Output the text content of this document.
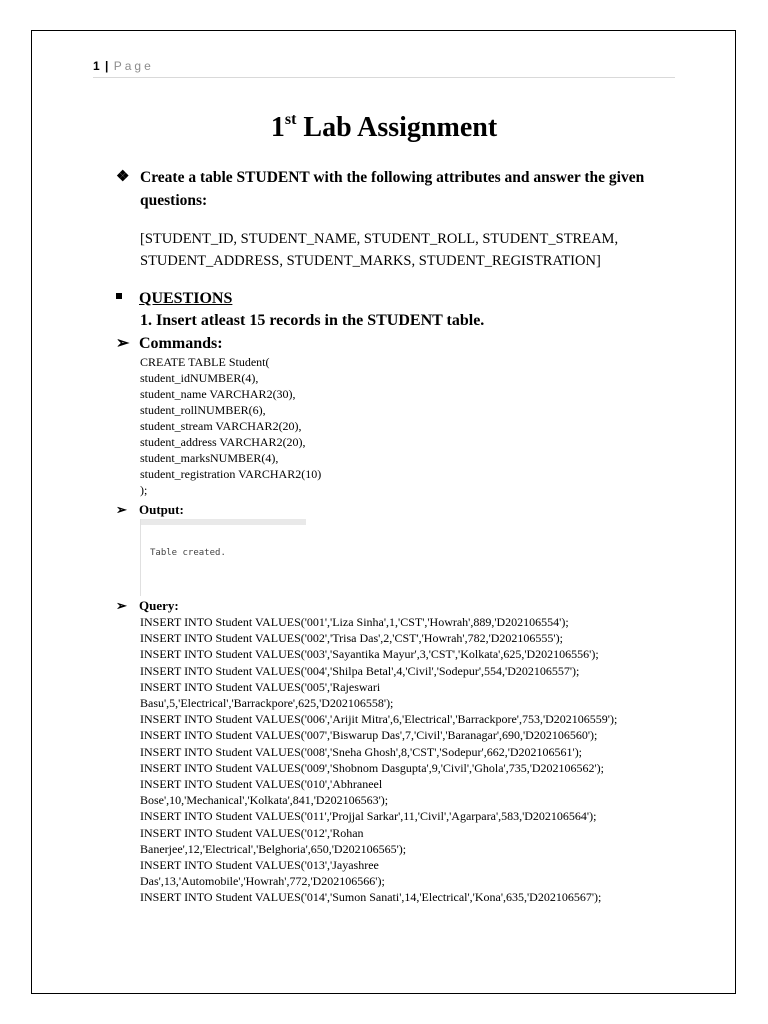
1 | Page
1st Lab Assignment
❖ Create a table STUDENT with the following attributes and answer the given questions:
[STUDENT_ID, STUDENT_NAME, STUDENT_ROLL, STUDENT_STREAM,
STUDENT_ADDRESS, STUDENT_MARKS, STUDENT_REGISTRATION]
QUESTIONS
1. Insert atleast 15 records in the STUDENT table.
➢ Commands:
CREATE TABLE Student(
student_idNUMBER(4),
student_name VARCHAR2(30),
student_rollNUMBER(6),
student_stream VARCHAR2(20),
student_address VARCHAR2(20),
student_marksNUMBER(4),
student_registration VARCHAR2(10)
);
➢ Output:
Table created.
➢ Query:
INSERT INTO Student VALUES('001','Liza Sinha',1,'CST','Howrah',889,'D202106554');
INSERT INTO Student VALUES('002','Trisa Das',2,'CST','Howrah',782,'D202106555');
INSERT INTO Student VALUES('003','Sayantika Mayur',3,'CST','Kolkata',625,'D202106556');
INSERT INTO Student VALUES('004','Shilpa Betal',4,'Civil','Sodepur',554,'D202106557');
INSERT INTO Student VALUES('005','Rajeswari
Basu',5,'Electrical','Barrackpore',625,'D202106558');
INSERT INTO Student VALUES('006','Arijit Mitra',6,'Electrical','Barrackpore',753,'D202106559');
INSERT INTO Student VALUES('007','Biswarup Das',7,'Civil','Baranagar',690,'D202106560');
INSERT INTO Student VALUES('008','Sneha Ghosh',8,'CST','Sodepur',662,'D202106561');
INSERT INTO Student VALUES('009','Shobnom Dasgupta',9,'Civil','Ghola',735,'D202106562');
INSERT INTO Student VALUES('010','Abhraneel
Bose',10,'Mechanical','Kolkata',841,'D202106563');
INSERT INTO Student VALUES('011','Projjal Sarkar',11,'Civil','Agarpara',583,'D202106564');
INSERT INTO Student VALUES('012','Rohan
Banerjee',12,'Electrical','Belghoria',650,'D202106565');
INSERT INTO Student VALUES('013','Jayashree
Das',13,'Automobile','Howrah',772,'D202106566');
INSERT INTO Student VALUES('014','Sumon Sanati',14,'Electrical','Kona',635,'D202106567');
